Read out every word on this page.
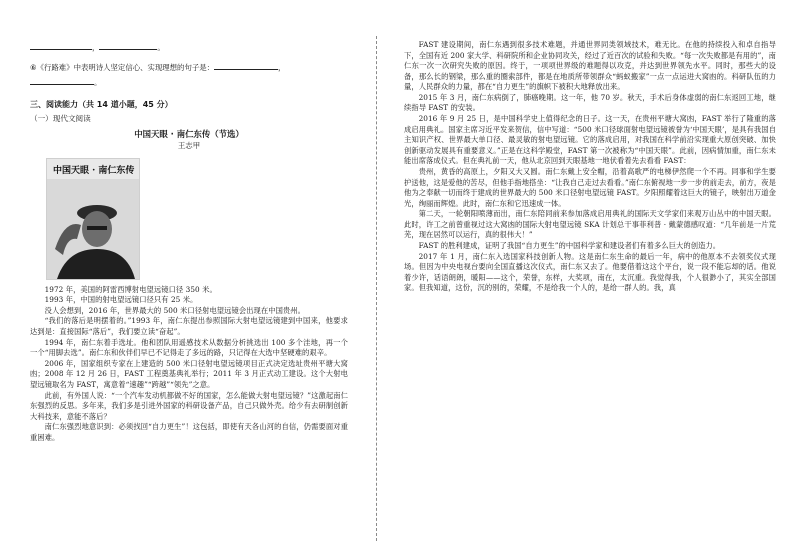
，	。
⑥《行路难》中表明诗人坚定信心、实现理想的句子是：	，
。
三、阅读能力（共 14 道小题，45 分）
（一）现代文阅读
中国天眼 · 南仁东传（节选）
王志甲
中国天眼 · 南仁东传
1972 年，美国的阿雷西博射电望远镜口径 350 米。
1993 年，中国的射电望远镜口径只有 25 米。
没人会想到，2016 年，世界最大的 500 米口径射电望远镜会出现在中国贵州。
“我们的落后是明摆着的。”1993 年，南仁东提出参照国际大射电望远镜建到中国来，他要求达到是：直接国际“落后”，我们要立读“奋起”。
1994 年，南仁东着手选址。他和团队用遥感技术从数据分析挑选出 100 多个洼地，再一个一个“用脚去选”。南仁东和伙伴们早已不记得走了多远的路，只记得在大选中坚硬难的艰辛。
2006 年，国家组织专家在上建造的 500 米口径射电望远镜项目正式决定选址贵州平塘大窝凼；2008 年 12 月 26 日，FAST 工程奠基典礼举行；2011 年 3 月正式动工建设。这个大射电望远镜取名为 FAST，寓意着“速趣”“跨越”“领先”之意。
此前，有外国人说：“一个汽车发动机都做不好的国家，怎么能做大射电望远镜？”这激起南仁东强烈的反思。多年来，我们多是引进外国家的科研设备产品，自己只做外壳。给少有去研制创新大科技来，意能不落后？
南仁东强烈地意识到：必须找回“自力更生”！这包括，即使有天各山河的自信，仍需要面对重重困难。
FAST 建设期间，南仁东遇到很多技术难题，并通世界同类领域技术，难无比。在他的持续投入和卓自指导下，全国有近 200 家大学、科研院所和企业协同攻关，经过了近百次的试验和失败。“每一次失败都是有用的”，南仁东一次一次研究失败的原因。终于，一项项世界级的难题得以攻克，并达到世界领先水平。同时，那些大的设备，那么长的钢梁，那么重的圈索部件，都是在地质所带领群众“蚂蚁搬家”一点一点运进大窝凼的。科研队伍的力量，人民群众的力量，都在“自力更生”的旗帜下被积大地释放出来。
2015 年 3 月，南仁东病倒了，肺癌晚期。这一年，他 70 岁。秋天，手术后身体虚弱的南仁东返回工地，继续指导 FAST 的安装。
2016 年 9 月 25 日，是中国科学史上值得纪念的日子。这一天，在贵州平塘大窝凼，FAST 举行了隆重的落成启用典礼。国家主席习近平发来贺信，信中写道：“500 米口径球面射电望远镜被誉为‘中国天眼’，是具有我国自主知识产权、世界最大单口径、最灵敏的射电望远镜。它的落成启用，对我国在科学前沿实现重大原创突破、加快创新驱动发展具有重要意义。”正是在这科学殿堂，FAST 第一次被称为“中国天眼”。此前，因病情加重，南仁东未能出席落成仪式。但在典礼前一天，他从北京回到天眼基地一地伏看着先去看看 FAST：
贵州，黄昏的高原上，夕阳又大又圆。南仁东戴上安全帽，沿着高歌严的电梯伊然爬一个不再。同事和学生要护送他，这是爱他的苦尽，但他手指地搭坐：“让我自己走过去看看。”南仁东俯视地一步一步的前走去，前方，夜是他为之奉献一切而终于建成的世界最大的 500 米口径射电望远镜 FAST。夕阳照耀着这巨大的镜子，映射出万道金光，绚丽而辉煌。此时，南仁东和它迅速成一体。
第二天，一轮朝阳喷薄而出，南仁东陪同前来参加落成启用典礼的国际天文学家们来观万山丛中的中国天眼。此时，许工之前曾重视过这大窝凼的国际大射电望远镜 SKA 计划总干事菲利普 · 戴蒙德感叹道：“几年前是一片荒芜，现在居然可以运行，真的很伟大！”
FAST 的胜利建成，证明了我国“自力更生”的中国科学家和建设者们有着多么巨大的创造力。
2017 年 1 月，南仁东入选国家科技创新人物。这是南仁东生命的最后一年，病中的他原本不去领奖仪式现场。但因为中央电视台要向全国直播这次仪式，南仁东又去了。他要借着这这个平台，说一段不能忘却的话。他说着少许，话语朗朗，暖阳——这个，荣誉，东样，大奖项，南在，太沉重。我觉得我，个人很渺小了，其实全部国家。但我知道，这份，沉的别的，荣耀，不是给我一个人的，是给一群人的。我，真
